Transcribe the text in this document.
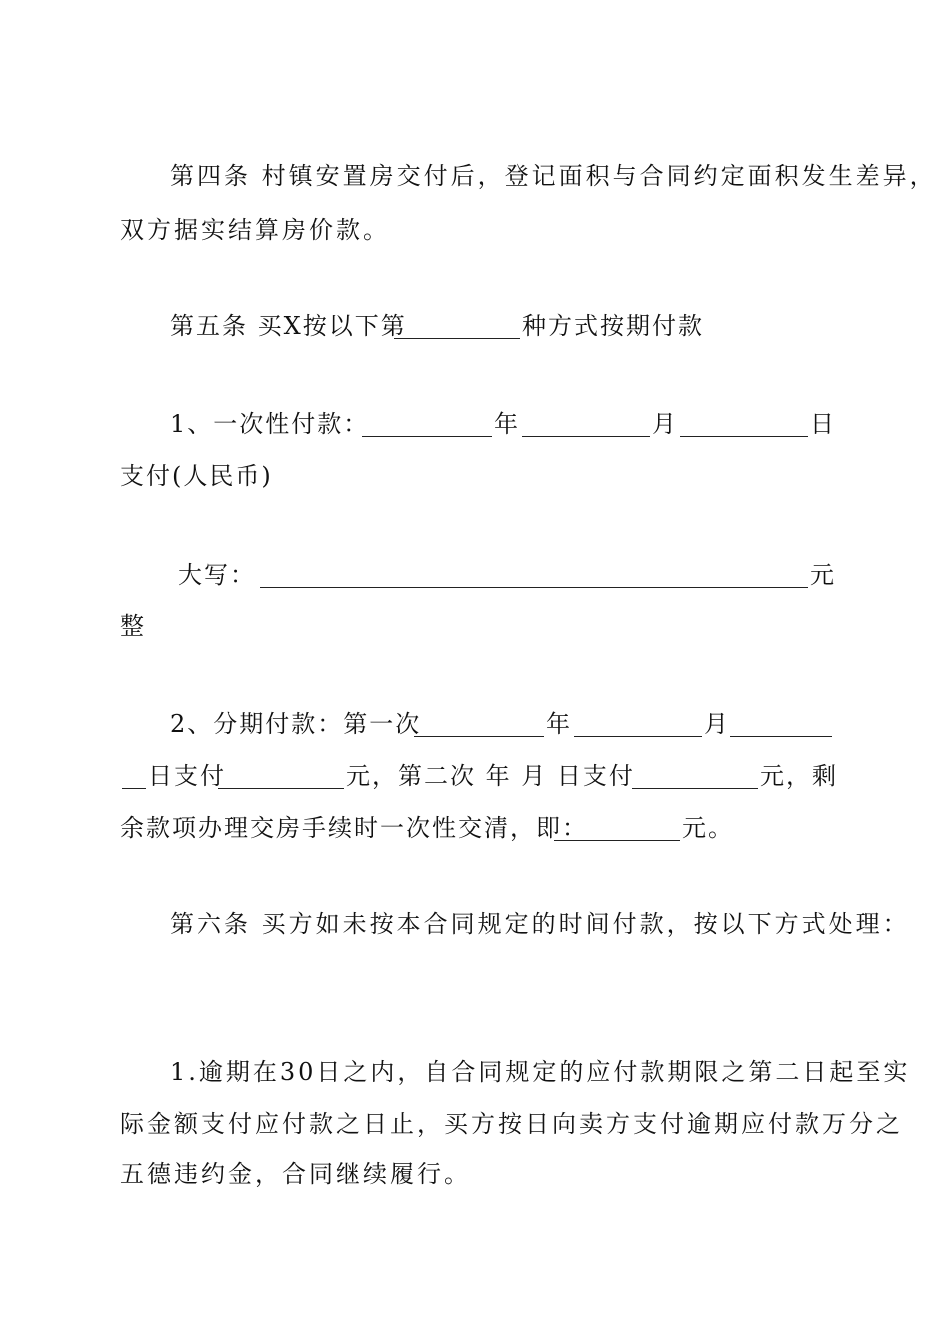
第四条 村镇安置房交付后，登记面积与合同约定面积发生差异，
双方据实结算房价款。
第五条 买X按以下第	种方式按期付款
1、一次性付款：	年	月	日
支付(人民币)
大写：	元
整
2、分期付款：第一次	年	月
日支付	元，第二次 年 月 日支付	元，剩
余款项办理交房手续时一次性交清，即：	元。
第六条 买方如未按本合同规定的时间付款，按以下方式处理：
1.逾期在30日之内，自合同规定的应付款期限之第二日起至实
际金额支付应付款之日止，买方按日向卖方支付逾期应付款万分之
五德违约金，合同继续履行。
